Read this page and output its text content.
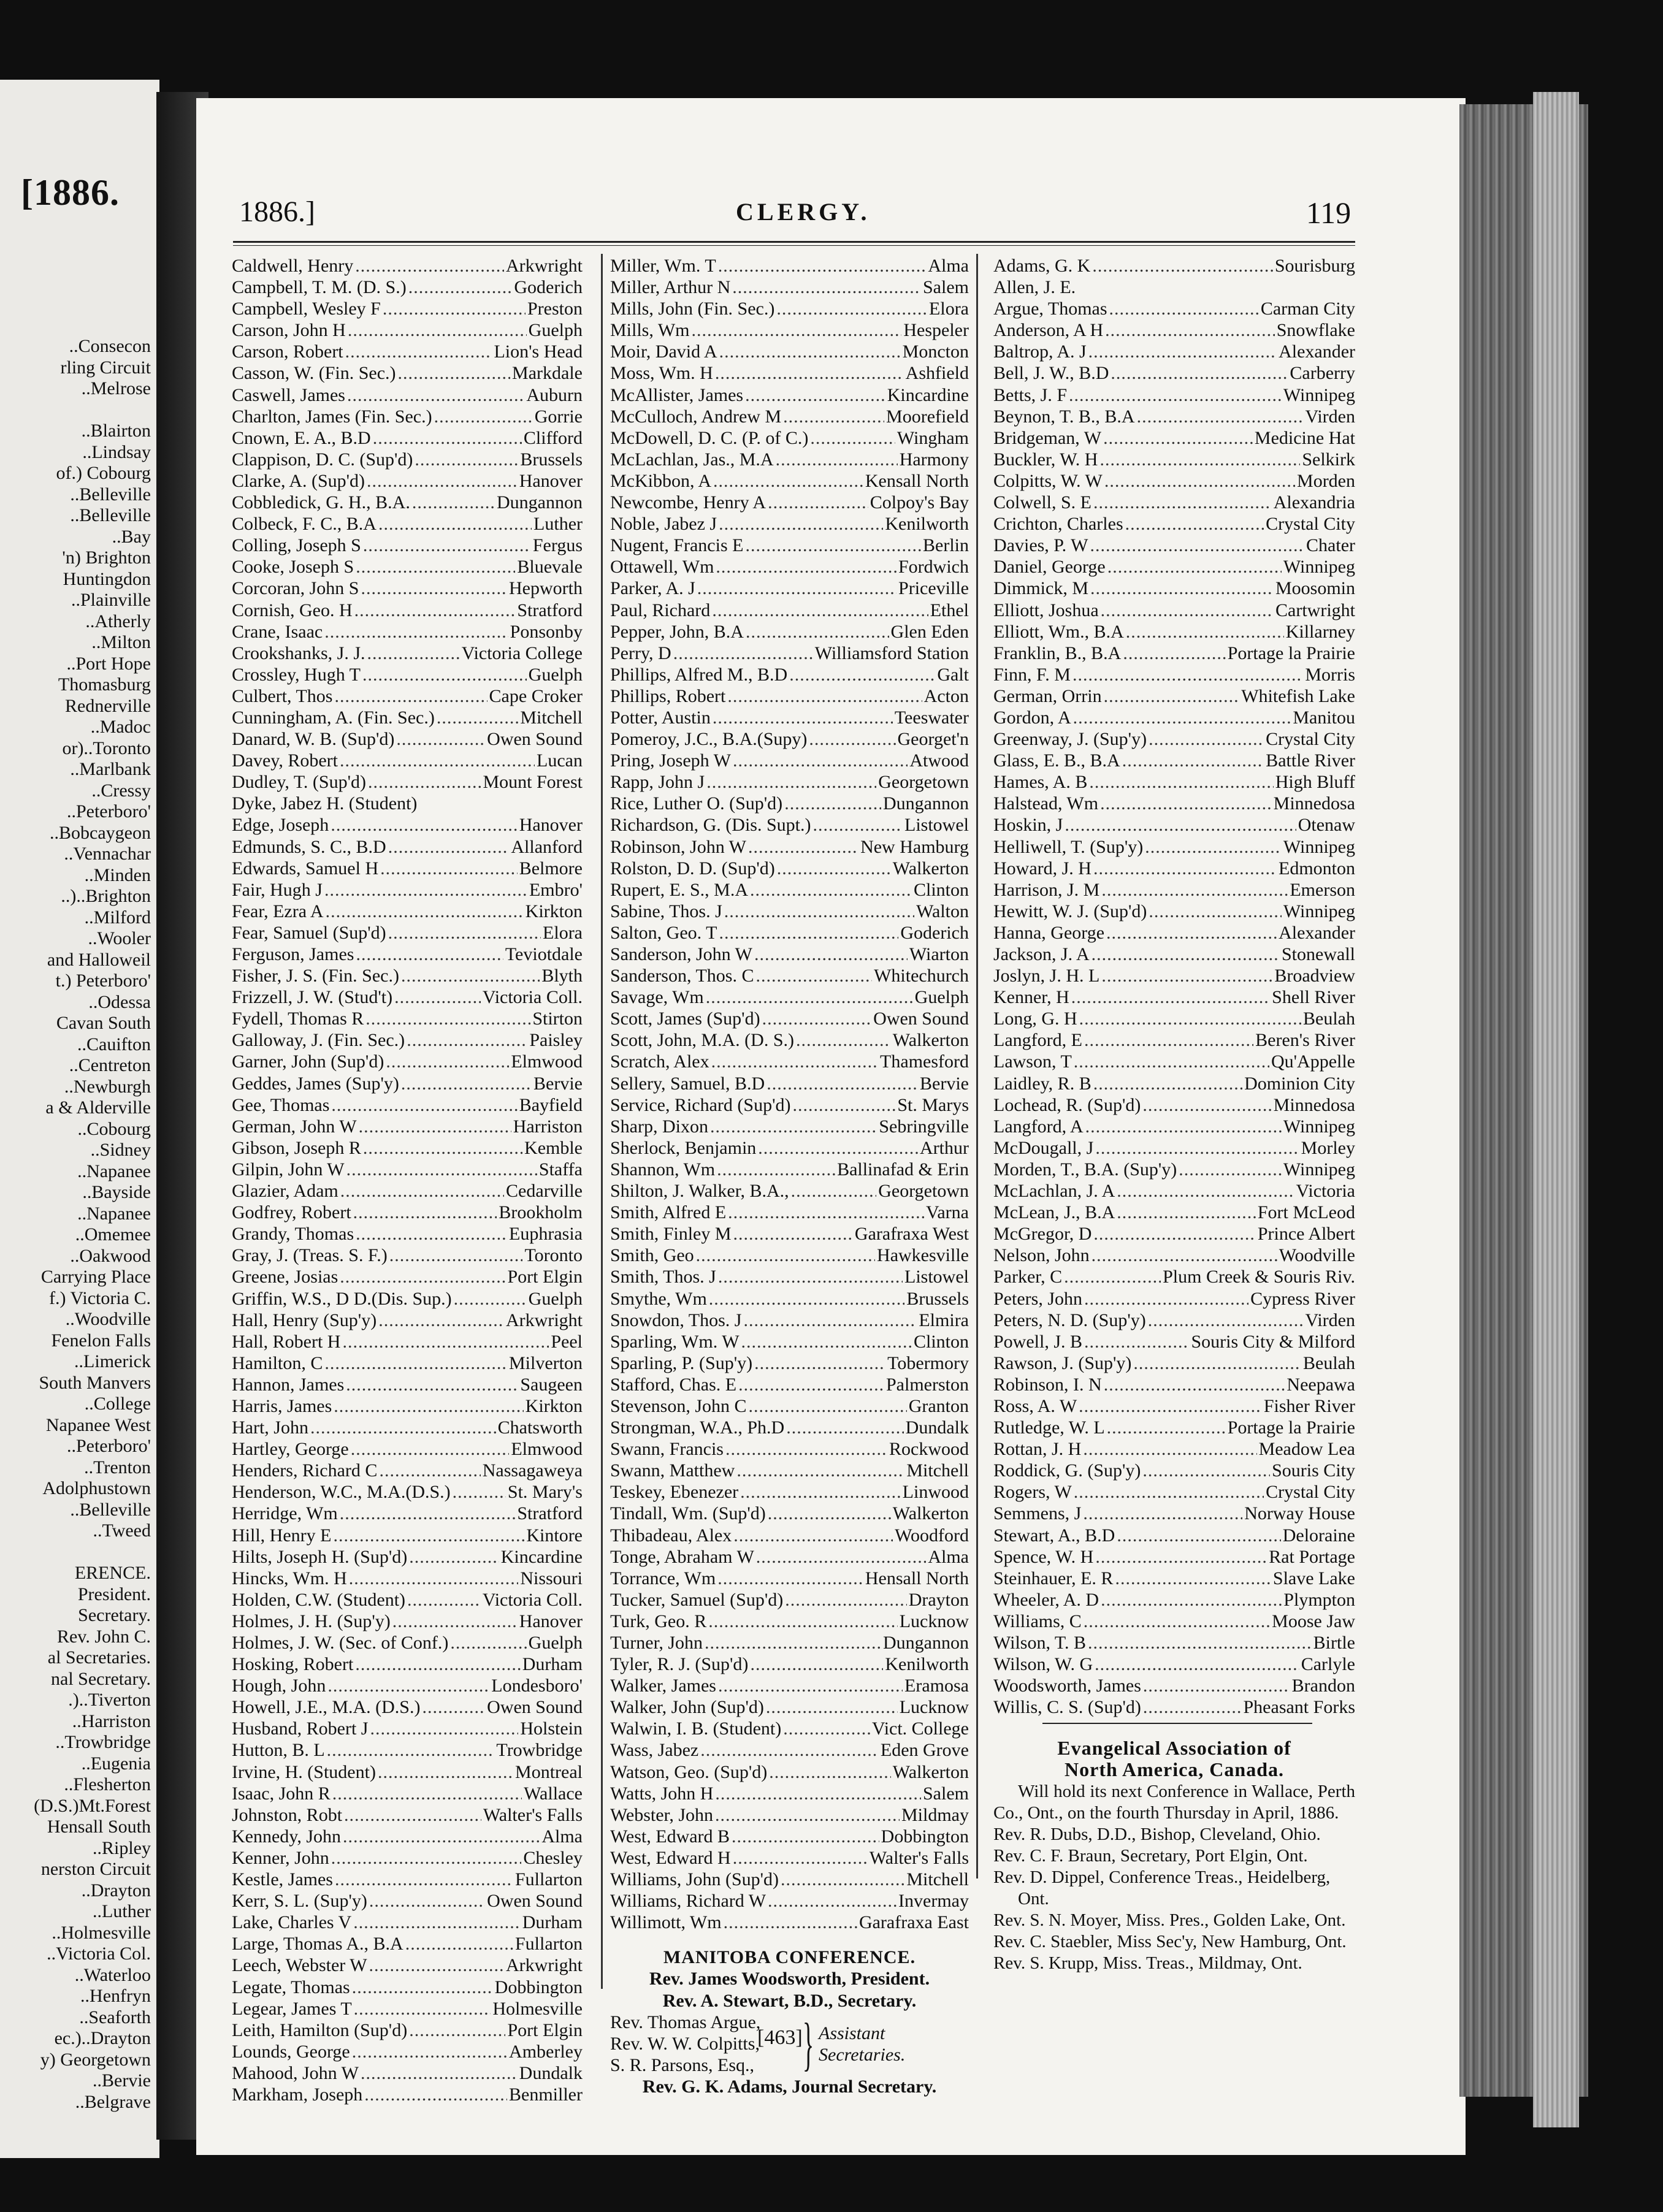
[1886.
..Consecon
rling Circuit
..Melrose
..Blairton
..Lindsay
of.) Cobourg
..Belleville
..Belleville
..Bay
'n) Brighton
Huntingdon
..Plainville
..Atherly
..Milton
..Port Hope
Thomasburg
Rednerville
..Madoc
or)..Toronto
..Marlbank
..Cressy
..Peterboro'
..Bobcaygeon
..Vennachar
..Minden
..)..Brighton
..Milford
..Wooler
and Halloweil
t.) Peterboro'
..Odessa
Cavan South
..Cauifton
..Centreton
..Newburgh
a & Alderville
..Cobourg
..Sidney
..Napanee
..Bayside
..Napanee
..Omemee
..Oakwood
Carrying Place
f.) Victoria C.
..Woodville
Fenelon Falls
..Limerick
South Manvers
..College
Napanee West
..Peterboro'
..Trenton
Adolphustown
..Belleville
..Tweed
ERENCE.
President.
Secretary.
Rev. John C.
al Secretaries.
nal Secretary.
.)..Tiverton
..Harriston
..Trowbridge
..Eugenia
..Flesherton
(D.S.)Mt.Forest
Hensall South
..Ripley
nerston Circuit
..Drayton
..Luther
..Holmesville
..Victoria Col.
..Waterloo
..Henfryn
..Seaforth
ec.)..Drayton
y) Georgetown
..Bervie
..Belgrave
1886.]	CLERGY.	119
Caldwell, Henry .....	Arkwright
Campbell, T. M. (D. S.) .....	Goderich
Campbell, Wesley F .....	Preston
Carson, John H .....	Guelph
Carson, Robert .....	Lion's Head
Casson, W. (Fin. Sec.) .....	Markdale
Caswell, James .....	Auburn
Charlton, James (Fin. Sec.) .....	Gorrie
Cnown, E. A., B.D .....	Clifford
Clappison, D. C. (Sup'd) .....	Brussels
Clarke, A. (Sup'd) .....	Hanover
Cobbledick, G. H., B.A. .....	Dungannon
Colbeck, F. C., B.A .....	Luther
Colling, Joseph S .....	Fergus
Cooke, Joseph S .....	Bluevale
Corcoran, John S .....	Hepworth
Cornish, Geo. H .....	Stratford
Crane, Isaac .....	Ponsonby
Crookshanks, J. J. .....	Victoria College
Crossley, Hugh T .....	Guelph
Culbert, Thos .....	Cape Croker
Cunningham, A. (Fin. Sec.) .....	Mitchell
Danard, W. B. (Sup'd) .....	Owen Sound
Davey, Robert .....	Lucan
Dudley, T. (Sup'd) .....	Mount Forest
Dyke, Jabez H. (Student)
Edge, Joseph .....	Hanover
Edmunds, S. C., B.D .....	Allanford
Edwards, Samuel H .....	Belmore
Fair, Hugh J .....	Embro'
Fear, Ezra A .....	Kirkton
Fear, Samuel (Sup'd) .....	Elora
Ferguson, James .....	Teviotdale
Fisher, J. S. (Fin. Sec.) .....	Blyth
Frizzell, J. W. (Stud't) .....	Victoria Coll.
Fydell, Thomas R .....	Stirton
Galloway, J. (Fin. Sec.) .....	Paisley
Garner, John (Sup'd) .....	Elmwood
Geddes, James (Sup'y) .....	Bervie
Gee, Thomas .....	Bayfield
German, John W .....	Harriston
Gibson, Joseph R .....	Kemble
Gilpin, John W .....	Staffa
Glazier, Adam .....	Cedarville
Godfrey, Robert .....	Brookholm
Grandy, Thomas .....	Euphrasia
Gray, J. (Treas. S. F.) .....	Toronto
Greene, Josias .....	Port Elgin
Griffin, W.S., D D.(Dis. Sup.) .....	Guelph
Hall, Henry (Sup'y) .....	Arkwright
Hall, Robert H .....	Peel
Hamilton, C .....	Milverton
Hannon, James .....	Saugeen
Harris, James .....	Kirkton
Hart, John .....	Chatsworth
Hartley, George .....	Elmwood
Henders, Richard C .....	Nassagaweya
Henderson, W.C., M.A.(D.S.) .....	St. Mary's
Herridge, Wm .....	Stratford
Hill, Henry E .....	Kintore
Hilts, Joseph H. (Sup'd) .....	Kincardine
Hincks, Wm. H .....	Nissouri
Holden, C.W. (Student) .....	Victoria Coll.
Holmes, J. H. (Sup'y) .....	Hanover
Holmes, J. W. (Sec. of Conf.) .....	Guelph
Hosking, Robert .....	Durham
Hough, John .....	Londesboro'
Howell, J.E., M.A. (D.S.) .....	Owen Sound
Husband, Robert J .....	Holstein
Hutton, B. L .....	Trowbridge
Irvine, H. (Student) .....	Montreal
Isaac, John R .....	Wallace
Johnston, Robt .....	Walter's Falls
Kennedy, John .....	Alma
Kenner, John .....	Chesley
Kestle, James .....	Fullarton
Kerr, S. L. (Sup'y) .....	Owen Sound
Lake, Charles V .....	Durham
Large, Thomas A., B.A .....	Fullarton
Leech, Webster W .....	Arkwright
Legate, Thomas .....	Dobbington
Legear, James T .....	Holmesville
Leith, Hamilton (Sup'd) .....	Port Elgin
Lounds, George .....	Amberley
Mahood, John W .....	Dundalk
Markham, Joseph .....	Benmiller
Miller, Wm. T .....	Alma
Miller, Arthur N .....	Salem
Mills, John (Fin. Sec.) .....	Elora
Mills, Wm .....	Hespeler
Moir, David A .....	Moncton
Moss, Wm. H .....	Ashfield
McAllister, James .....	Kincardine
McCulloch, Andrew M .....	Moorefield
McDowell, D. C. (P. of C.) .....	Wingham
McLachlan, Jas., M.A .....	Harmony
McKibbon, A .....	Kensall North
Newcombe, Henry A .....	Colpoy's Bay
Noble, Jabez J .....	Kenilworth
Nugent, Francis E .....	Berlin
Ottawell, Wm .....	Fordwich
Parker, A. J .....	Priceville
Paul, Richard .....	Ethel
Pepper, John, B.A .....	Glen Eden
Perry, D .....	Williamsford Station
Phillips, Alfred M., B.D .....	Galt
Phillips, Robert .....	Acton
Potter, Austin .....	Teeswater
Pomeroy, J.C., B.A.(Supy) .....	Georget'n
Pring, Joseph W .....	Atwood
Rapp, John J .....	Georgetown
Rice, Luther O. (Sup'd) .....	Dungannon
Richardson, G. (Dis. Supt.) .....	Listowel
Robinson, John W .....	New Hamburg
Rolston, D. D. (Sup'd) .....	Walkerton
Rupert, E. S., M.A .....	Clinton
Sabine, Thos. J .....	Walton
Salton, Geo. T .....	Goderich
Sanderson, John W .....	Wiarton
Sanderson, Thos. C .....	Whitechurch
Savage, Wm .....	Guelph
Scott, James (Sup'd) .....	Owen Sound
Scott, John, M.A. (D. S.) .....	Walkerton
Scratch, Alex .....	Thamesford
Sellery, Samuel, B.D .....	Bervie
Service, Richard (Sup'd) .....	St. Marys
Sharp, Dixon .....	Sebringville
Sherlock, Benjamin .....	Arthur
Shannon, Wm .....	Ballinafad & Erin
Shilton, J. Walker, B.A., .....	Georgetown
Smith, Alfred E .....	Varna
Smith, Finley M .....	Garafraxa West
Smith, Geo .....	Hawkesville
Smith, Thos. J .....	Listowel
Smythe, Wm .....	Brussels
Snowdon, Thos. J .....	Elmira
Sparling, Wm. W .....	Clinton
Sparling, P. (Sup'y) .....	Tobermory
Stafford, Chas. E .....	Palmerston
Stevenson, John C .....	Granton
Strongman, W.A., Ph.D .....	Dundalk
Swann, Francis .....	Rockwood
Swann, Matthew .....	Mitchell
Teskey, Ebenezer .....	Linwood
Tindall, Wm. (Sup'd) .....	Walkerton
Thibadeau, Alex .....	Woodford
Tonge, Abraham W .....	Alma
Torrance, Wm .....	Hensall North
Tucker, Samuel (Sup'd) .....	Drayton
Turk, Geo. R .....	Lucknow
Turner, John .....	Dungannon
Tyler, R. J. (Sup'd) .....	Kenilworth
Walker, James .....	Eramosa
Walker, John (Sup'd) .....	Lucknow
Walwin, I. B. (Student) .....	Vict. College
Wass, Jabez .....	Eden Grove
Watson, Geo. (Sup'd) .....	Walkerton
Watts, John H .....	Salem
Webster, John .....	Mildmay
West, Edward B .....	Dobbington
West, Edward H .....	Walter's Falls
Williams, John (Sup'd) .....	Mitchell
Williams, Richard W .....	Invermay
Willimott, Wm .....	Garafraxa East
MANITOBA CONFERENCE.
Rev. James Woodsworth, President.
Rev. A. Stewart, B.D., Secretary.
Rev. Thomas Argue,
Rev. W. W. Colpitts,
S. R. Parsons, Esq., } Assistant
Secretaries.
Rev. G. K. Adams, Journal Secretary.
Adams, G. K .....	Sourisburg
Allen, J. E.
Argue, Thomas .....	Carman City
Anderson, A H .....	Snowflake
Baltrop, A. J .....	Alexander
Bell, J. W., B.D .....	Carberry
Betts, J. F .....	Winnipeg
Beynon, T. B., B.A .....	Virden
Bridgeman, W .....	Medicine Hat
Buckler, W. H .....	Selkirk
Colpitts, W. W .....	Morden
Colwell, S. E .....	Alexandria
Crichton, Charles .....	Crystal City
Davies, P. W .....	Chater
Daniel, George .....	Winnipeg
Dimmick, M .....	Moosomin
Elliott, Joshua .....	Cartwright
Elliott, Wm., B.A .....	Killarney
Franklin, B., B.A .....	Portage la Prairie
Finn, F. M .....	Morris
German, Orrin .....	Whitefish Lake
Gordon, A .....	Manitou
Greenway, J. (Sup'y) .....	Crystal City
Glass, E. B., B.A .....	Battle River
Hames, A. B .....	High Bluff
Halstead, Wm .....	Minnedosa
Hoskin, J .....	Otenaw
Helliwell, T. (Sup'y) .....	Winnipeg
Howard, J. H .....	Edmonton
Harrison, J. M .....	Emerson
Hewitt, W. J. (Sup'd) .....	Winnipeg
Hanna, George .....	Alexander
Jackson, J. A .....	Stonewall
Joslyn, J. H. L .....	Broadview
Kenner, H .....	Shell River
Long, G. H .....	Beulah
Langford, E .....	Beren's River
Lawson, T .....	Qu'Appelle
Laidley, R. B .....	Dominion City
Lochead, R. (Sup'd) .....	Minnedosa
Langford, A .....	Winnipeg
McDougall, J .....	Morley
Morden, T., B.A. (Sup'y) .....	Winnipeg
McLachlan, J. A .....	Victoria
McLean, J., B.A .....	Fort McLeod
McGregor, D .....	Prince Albert
Nelson, John .....	Woodville
Parker, C .....	Plum Creek & Souris Riv.
Peters, John .....	Cypress River
Peters, N. D. (Sup'y) .....	Virden
Powell, J. B .....	Souris City & Milford
Rawson, J. (Sup'y) .....	Beulah
Robinson, I. N .....	Neepawa
Ross, A. W .....	Fisher River
Rutledge, W. L .....	Portage la Prairie
Rottan, J. H .....	Meadow Lea
Roddick, G. (Sup'y) .....	Souris City
Rogers, W .....	Crystal City
Semmens, J .....	Norway House
Stewart, A., B.D .....	Deloraine
Spence, W. H .....	Rat Portage
Steinhauer, E. R .....	Slave Lake
Wheeler, A. D .....	Plympton
Williams, C .....	Moose Jaw
Wilson, T. B .....	Birtle
Wilson, W. G .....	Carlyle
Woodsworth, James .....	Brandon
Willis, C. S. (Sup'd) .....	Pheasant Forks
Evangelical Association of
North America, Canada.
Will hold its next Conference in Wallace, Perth Co., Ont., on the fourth Thursday in April, 1886.
Rev. R. Dubs, D.D., Bishop, Cleveland, Ohio.
Rev. C. F. Braun, Secretary, Port Elgin, Ont.
Rev. D. Dippel, Conference Treas., Heidelberg, Ont.
Rev. S. N. Moyer, Miss. Pres., Golden Lake, Ont.
Rev. C. Staebler, Miss Sec'y, New Hamburg, Ont.
Rev. S. Krupp, Miss. Treas., Mildmay, Ont.
[463]
